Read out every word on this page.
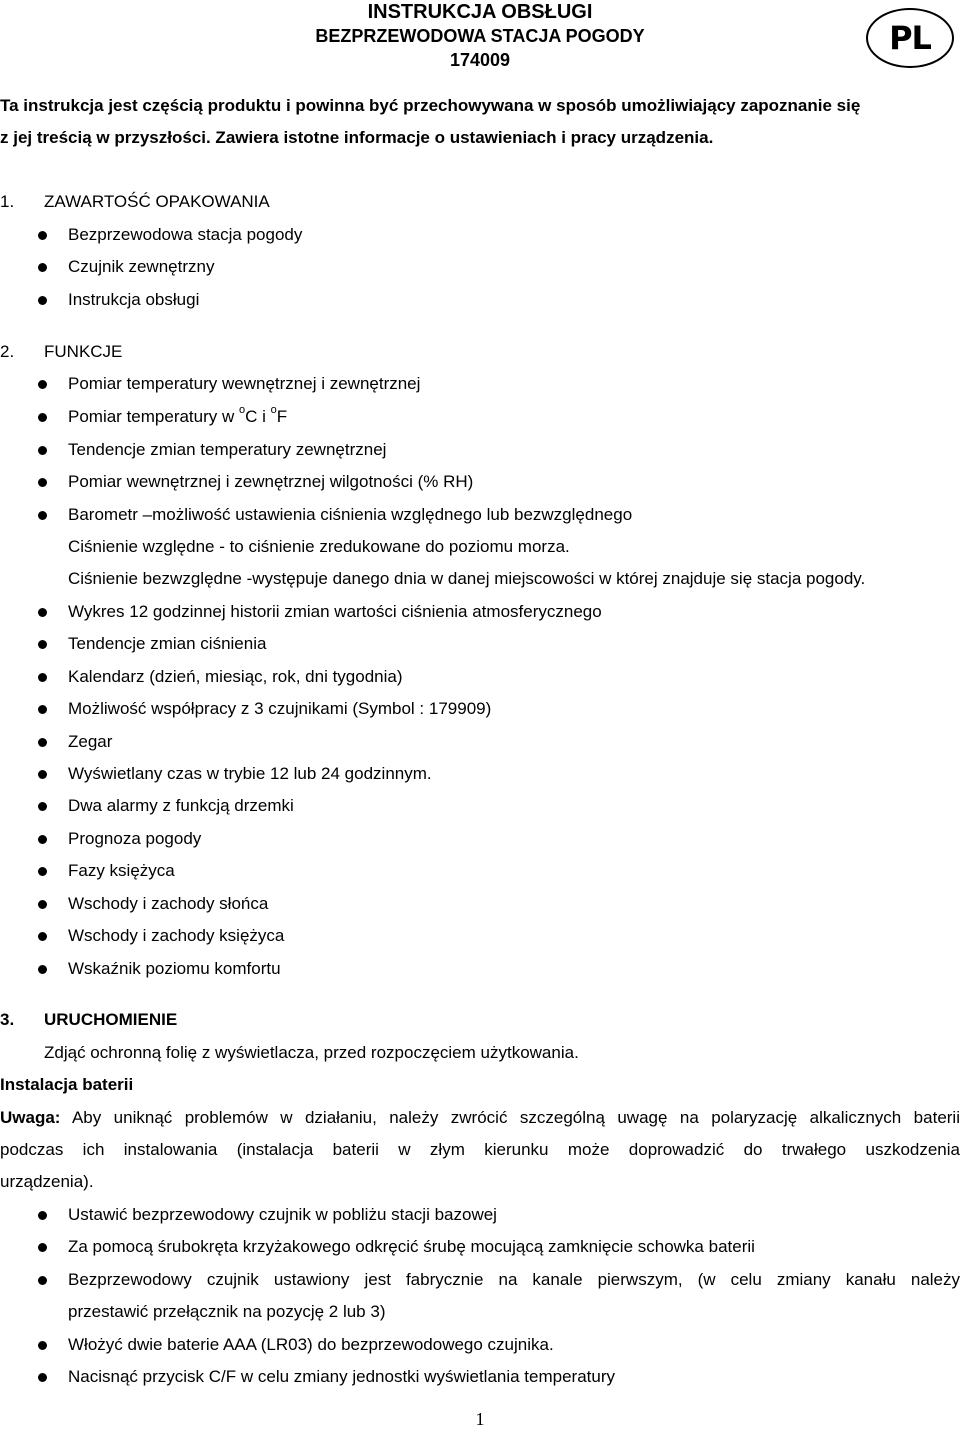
INSTRUKCJA OBSŁUGI
BEZPRZEWODOWA STACJA POGODY
174009
PL
Ta instrukcja jest częścią produktu i powinna być przechowywana w sposób umożliwiający zapoznanie się
z jej treścią w przyszłości. Zawiera istotne informacje o ustawieniach i pracy urządzenia.
1. ZAWARTOŚĆ OPAKOWANIA
Bezprzewodowa stacja pogody
Czujnik zewnętrzny
Instrukcja obsługi
2. FUNKCJE
Pomiar temperatury wewnętrznej i zewnętrznej
Pomiar temperatury w $^o$C i $^o$F
Tendencje zmian temperatury zewnętrznej
Pomiar wewnętrznej i zewnętrznej wilgotności (% RH)
Barometr –możliwość ustawienia ciśnienia względnego lub bezwzględnego
Ciśnienie względne - to ciśnienie zredukowane do poziomu morza.
Ciśnienie bezwzględne -występuje danego dnia w danej miejscowości w której znajduje się stacja pogody.
Wykres 12 godzinnej historii zmian wartości ciśnienia atmosferycznego
Tendencje zmian ciśnienia
Kalendarz (dzień, miesiąc, rok, dni tygodnia)
Możliwość współpracy z 3 czujnikami (Symbol : 179909)
Zegar
Wyświetlany czas w trybie 12 lub 24 godzinnym.
Dwa alarmy z funkcją drzemki
Prognoza pogody
Fazy księżyca
Wschody i zachody słońca
Wschody i zachody księżyca
Wskaźnik poziomu komfortu
3. URUCHOMIENIE
Zdjąć ochronną folię z wyświetlacza, przed rozpoczęciem użytkowania.
Instalacja baterii
Uwaga: Aby uniknąć problemów w działaniu, należy zwrócić szczególną uwagę na polaryzację alkalicznych baterii
podczas ich instalowania (instalacja baterii w złym kierunku może doprowadzić do trwałego uszkodzenia
urządzenia).
Ustawić bezprzewodowy czujnik w pobliżu stacji bazowej
Za pomocą śrubokręta krzyżakowego odkręcić śrubę mocującą zamknięcie schowka baterii
Bezprzewodowy czujnik ustawiony jest fabrycznie na kanale pierwszym, (w celu zmiany kanału należy
przestawić przełącznik na pozycję 2 lub 3)
Włożyć dwie baterie AAA (LR03) do bezprzewodowego czujnika.
Nacisnąć przycisk C/F w celu zmiany jednostki wyświetlania temperatury
1
